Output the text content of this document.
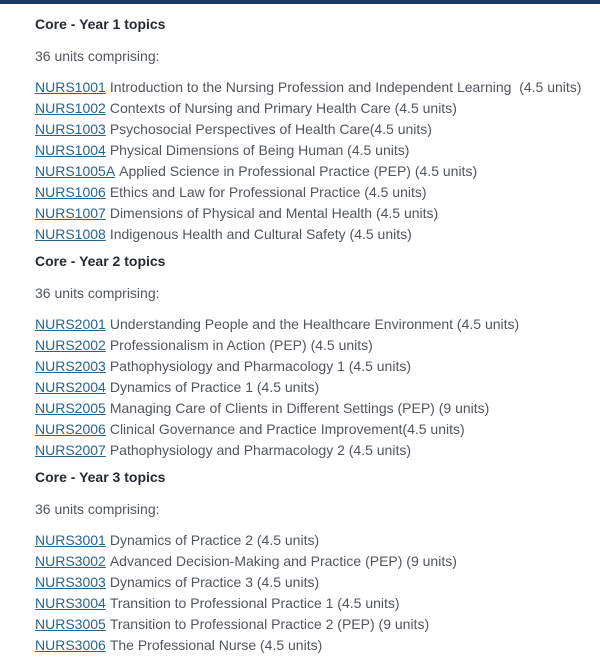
Core - Year 1 topics

36 units comprising:

NURS1001 Introduction to the Nursing Profession and Independent Learning  (4.5 units)
NURS1002 Contexts of Nursing and Primary Health Care (4.5 units)
NURS1003 Psychosocial Perspectives of Health Care(4.5 units)
NURS1004 Physical Dimensions of Being Human (4.5 units)
NURS1005A Applied Science in Professional Practice (PEP) (4.5 units)
NURS1006 Ethics and Law for Professional Practice (4.5 units)
NURS1007 Dimensions of Physical and Mental Health (4.5 units)
NURS1008 Indigenous Health and Cultural Safety (4.5 units)
Core - Year 2 topics

36 units comprising:

NURS2001 Understanding People and the Healthcare Environment (4.5 units)
NURS2002 Professionalism in Action (PEP) (4.5 units)
NURS2003 Pathophysiology and Pharmacology 1 (4.5 units)
NURS2004 Dynamics of Practice 1 (4.5 units)
NURS2005 Managing Care of Clients in Different Settings (PEP) (9 units)
NURS2006 Clinical Governance and Practice Improvement(4.5 units)
NURS2007 Pathophysiology and Pharmacology 2 (4.5 units)
Core - Year 3 topics

36 units comprising:

NURS3001 Dynamics of Practice 2 (4.5 units)
NURS3002 Advanced Decision-Making and Practice (PEP) (9 units)
NURS3003 Dynamics of Practice 3 (4.5 units)
NURS3004 Transition to Professional Practice 1 (4.5 units)
NURS3005 Transition to Professional Practice 2 (PEP) (9 units)
NURS3006 The Professional Nurse (4.5 units)
